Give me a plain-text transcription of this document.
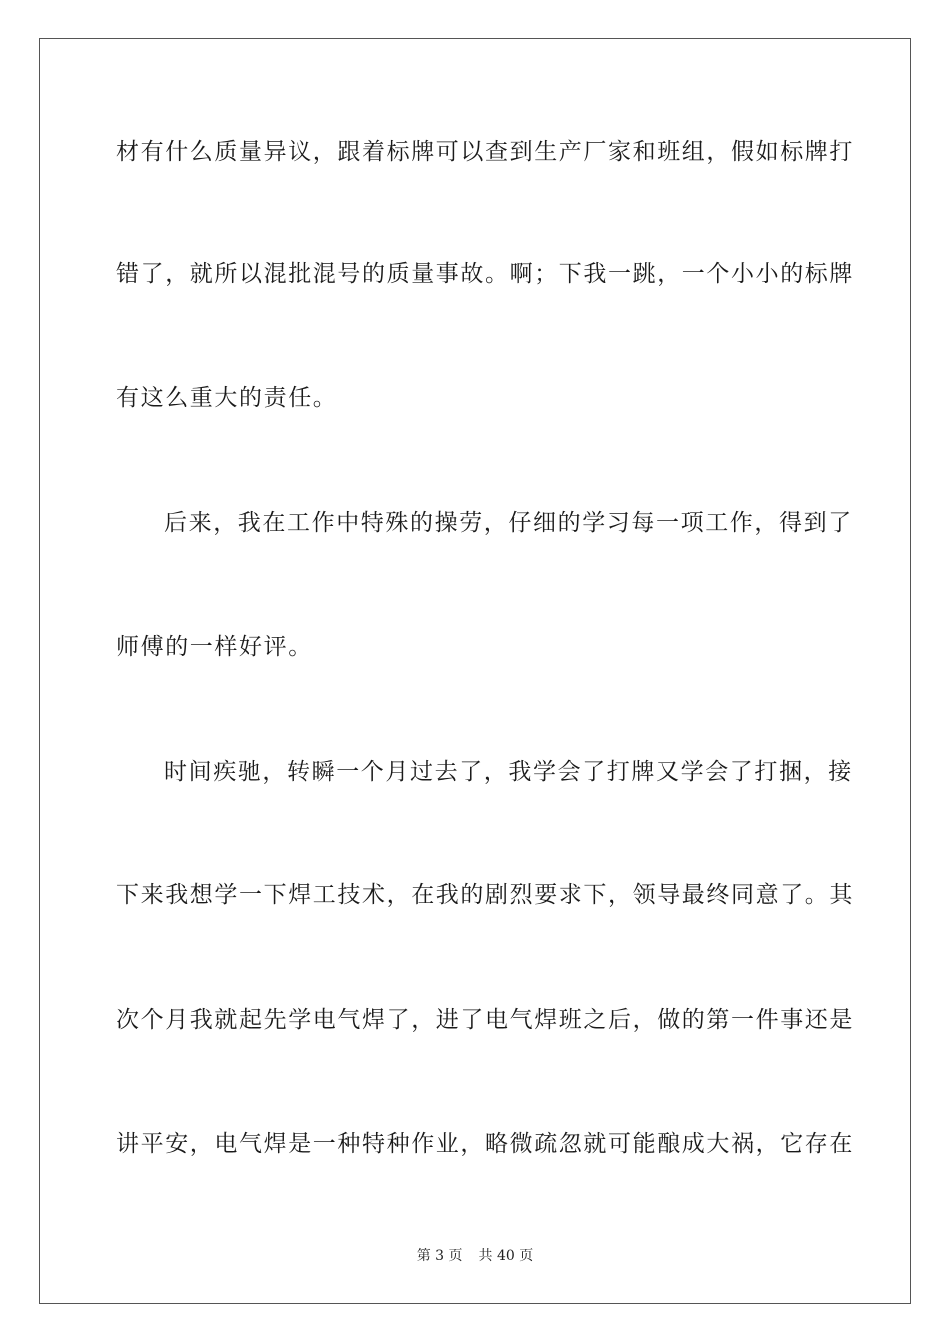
材有什么质量异议，跟着标牌可以查到生产厂家和班组，假如标牌打
错了，就所以混批混号的质量事故。啊；下我一跳，一个小小的标牌
有这么重大的责任。
后来，我在工作中特殊的操劳，仔细的学习每一项工作，得到了
师傅的一样好评。
时间疾驰，转瞬一个月过去了，我学会了打牌又学会了打捆，接
下来我想学一下焊工技术，在我的剧烈要求下，领导最终同意了。其
次个月我就起先学电气焊了，进了电气焊班之后，做的第一件事还是
讲平安，电气焊是一种特种作业，略微疏忽就可能酿成大祸，它存在
第 3 页 共 40 页
